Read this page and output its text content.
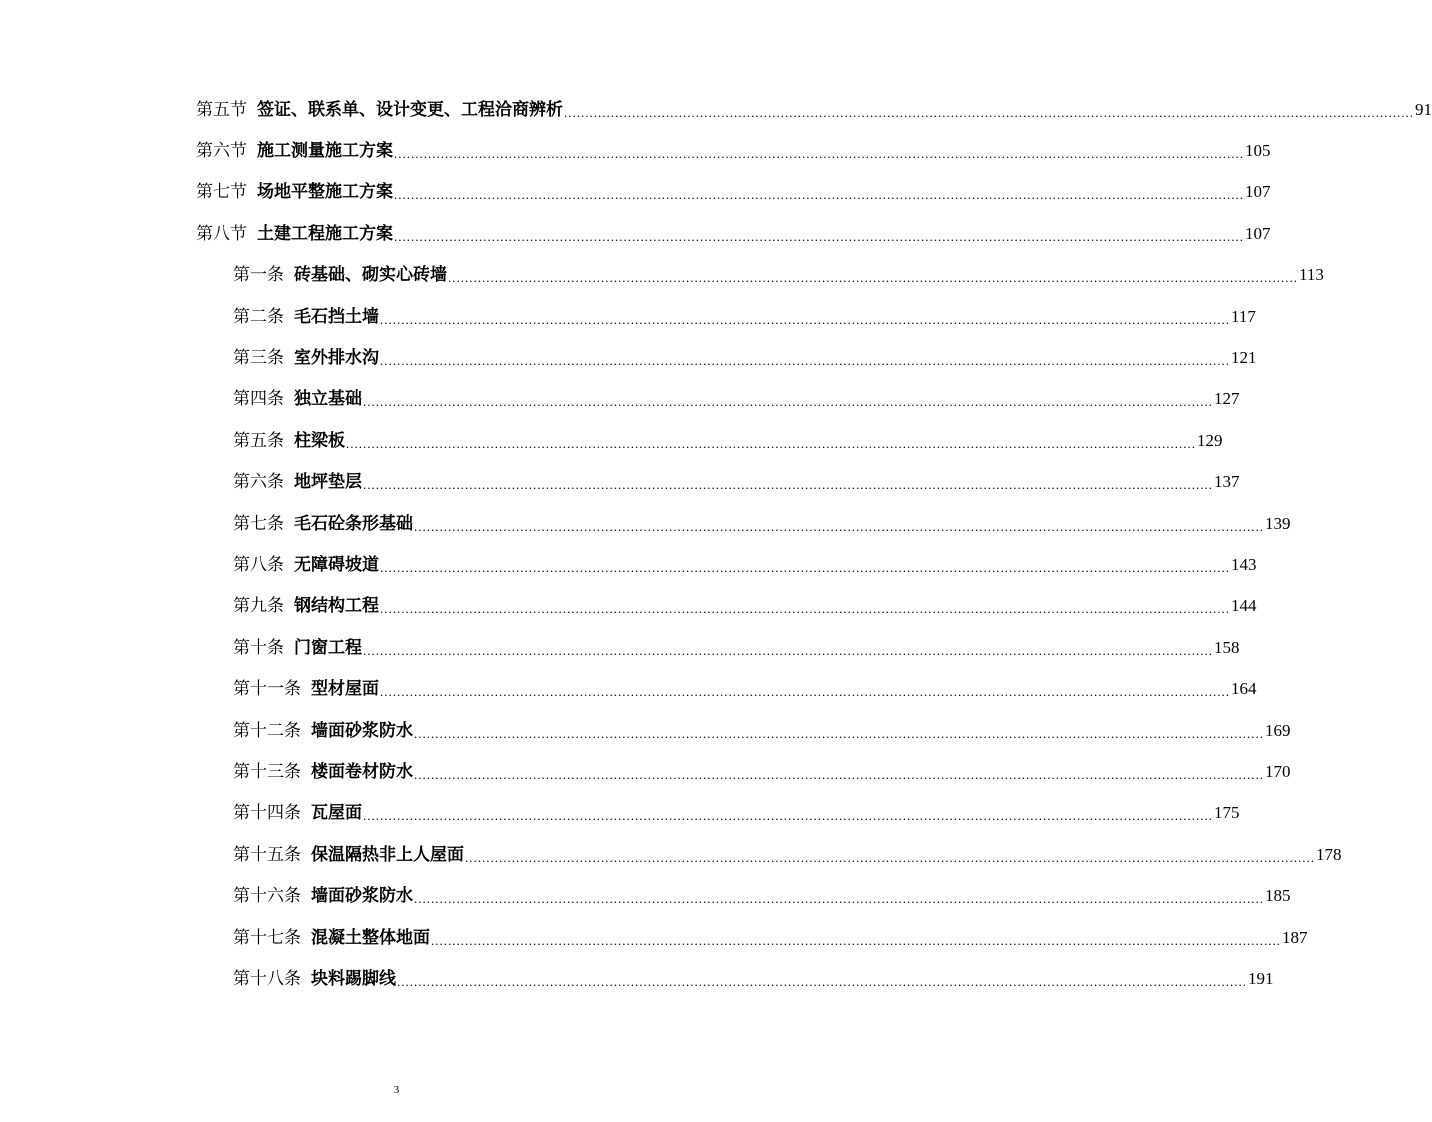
第五节 签证、联系单、设计变更、工程洽商辨析 ........................................................................................................................................................................................................ 91
第六节 施工测量施工方案 ........................................................................................................................................................................................................ 105
第七节 场地平整施工方案 ........................................................................................................................................................................................................ 107
第八节 土建工程施工方案 ........................................................................................................................................................................................................ 107
第一条 砖基础、砌实心砖墙 ........................................................................................................................................................................................................ 113
第二条 毛石挡土墙 ........................................................................................................................................................................................................ 117
第三条 室外排水沟 ........................................................................................................................................................................................................ 121
第四条 独立基础 ........................................................................................................................................................................................................ 127
第五条 柱梁板 ........................................................................................................................................................................................................ 129
第六条 地坪垫层 ........................................................................................................................................................................................................ 137
第七条 毛石砼条形基础 ........................................................................................................................................................................................................ 139
第八条 无障碍坡道 ........................................................................................................................................................................................................ 143
第九条 钢结构工程 ........................................................................................................................................................................................................ 144
第十条 门窗工程 ........................................................................................................................................................................................................ 158
第十一条 型材屋面 ........................................................................................................................................................................................................ 164
第十二条 墙面砂浆防水 ........................................................................................................................................................................................................ 169
第十三条 楼面卷材防水 ........................................................................................................................................................................................................ 170
第十四条 瓦屋面 ........................................................................................................................................................................................................ 175
第十五条 保温隔热非上人屋面 ........................................................................................................................................................................................................ 178
第十六条 墙面砂浆防水 ........................................................................................................................................................................................................ 185
第十七条 混凝土整体地面 ........................................................................................................................................................................................................ 187
第十八条 块料踢脚线 ........................................................................................................................................................................................................ 191
3
